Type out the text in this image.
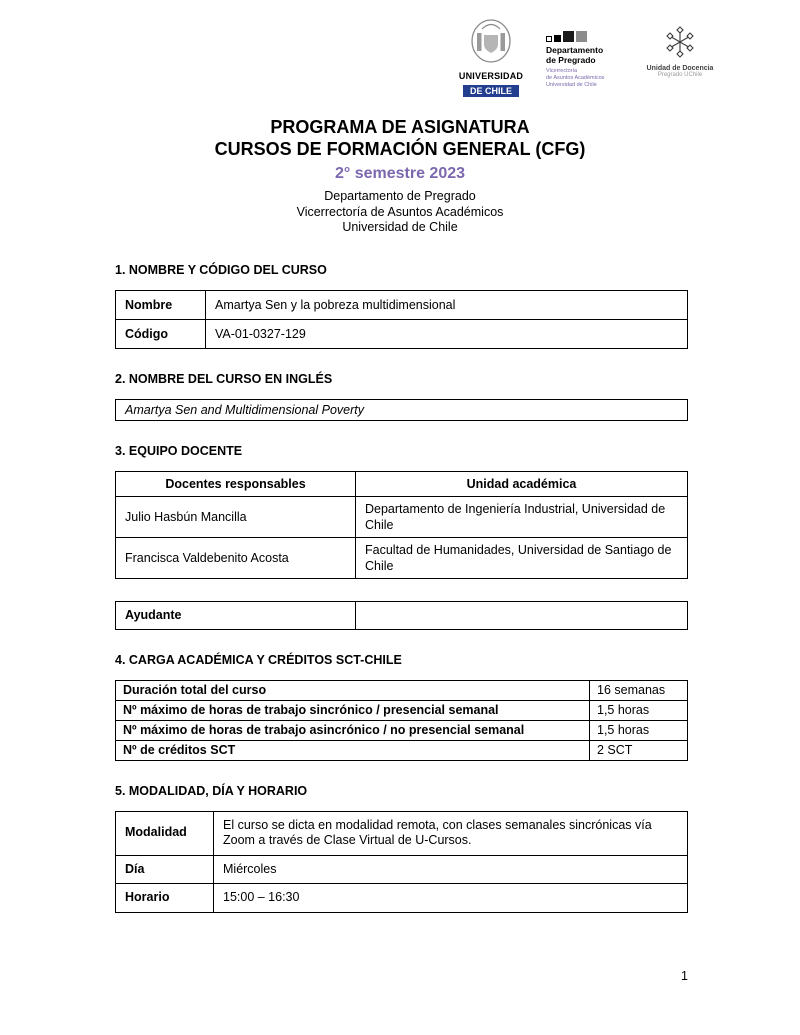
UNIVERSIDAD
DE CHILE
Departamento
de Pregrado
Vicerrectoría
de Asuntos Académicos
Universidad de Chile
Unidad de Docencia
Pregrado UChile
PROGRAMA DE ASIGNATURA
CURSOS DE FORMACIÓN GENERAL (CFG)
2° semestre 2023
Departamento de Pregrado
Vicerrectoría de Asuntos Académicos
Universidad de Chile
1. NOMBRE Y CÓDIGO DEL CURSO
Nombre	Amartya Sen y la pobreza multidimensional
Código	VA-01-0327-129
2. NOMBRE DEL CURSO EN INGLÉS
Amartya Sen and Multidimensional Poverty
3. EQUIPO DOCENTE
Docentes responsables	Unidad académica
Julio Hasbún Mancilla	Departamento de Ingeniería Industrial, Universidad de Chile
Francisca Valdebenito Acosta	Facultad de Humanidades, Universidad de Santiago de Chile
Ayudante	
4. CARGA ACADÉMICA Y CRÉDITOS SCT-CHILE
Duración total del curso	16 semanas
Nº máximo de horas de trabajo sincrónico / presencial semanal	1,5 horas
Nº máximo de horas de trabajo asincrónico / no presencial semanal	1,5 horas
Nº de créditos SCT	2 SCT
5. MODALIDAD, DÍA Y HORARIO
Modalidad	El curso se dicta en modalidad remota, con clases semanales sincrónicas vía Zoom a través de Clase Virtual de U-Cursos.
Día	Miércoles
Horario	15:00 – 16:30
1
